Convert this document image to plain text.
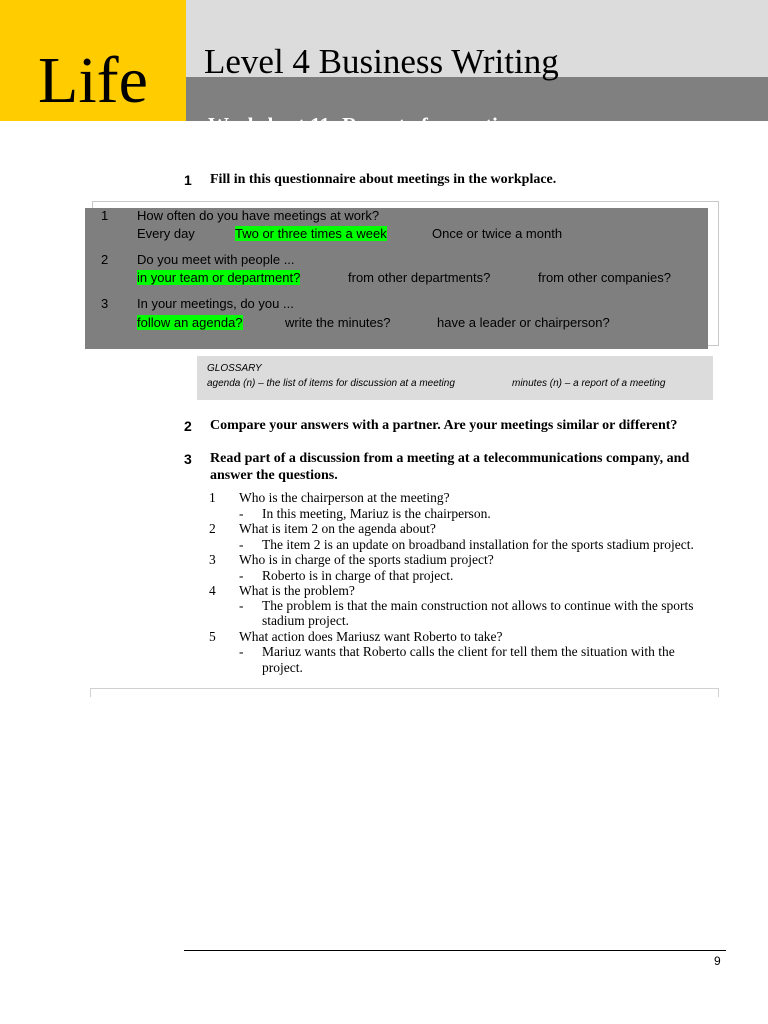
Life
Worksheet 11: Report of a meeting
Level 4 Business Writing
1 Fill in this questionnaire about meetings in the workplace.
1 How often do you have meetings at work?
Every day	Two or three times a week	Once or twice a month
2 Do you meet with people ...
in your team or department?	from other departments?	from other companies?
3 In your meetings, do you ...
follow an agenda?	write the minutes?	have a leader or chairperson?
GLOSSARY
agenda (n) – the list of items for discussion at a meeting	minutes (n) – a report of a meeting
2 Compare your answers with a partner. Are your meetings similar or different?
3 Read part of a discussion from a meeting at a telecommunications company, and
answer the questions.
1 Who is the chairperson at the meeting?
- In this meeting, Mariuz is the chairperson.
2 What is item 2 on the agenda about?
- The item 2 is an update on broadband installation for the sports stadium project.
3 Who is in charge of the sports stadium project?
- Roberto is in charge of that project.
4 What is the problem?
- The problem is that the main construction not allows to continue with the sports
stadium project.
5 What action does Mariusz want Roberto to take?
- Mariuz wants that Roberto calls the client for tell them the situation with the
project.
9
